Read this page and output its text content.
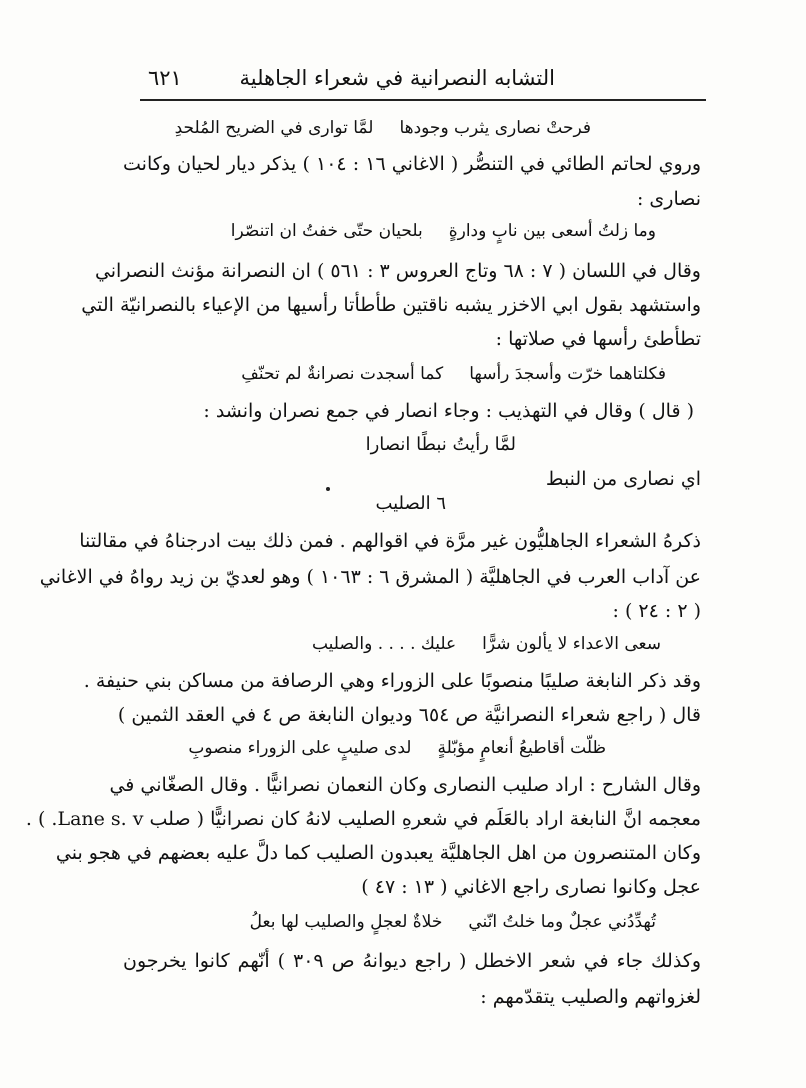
التشابه النصرانية في شعراء الجاهلية
٦٢١
فرحتْ نصارى يثرب وجودهالمَّا توارى في الضريح المُلحدِ
وروي لحاتم الطائي في التنصُّر ( الاغاني ١٦ : ١٠٤ ) يذكر ديار لحيان وكانت
نصارى :
وما زلتُ أسعى بين نابٍ ودارةٍبلحيان حتّى خفتُ ان اتنصّرا
وقال في اللسان ( ٧ : ٦٨ وتاج العروس ٣ : ٥٦١ ) ان النصرانة مؤنث النصراني
واستشهد بقول ابي الاخزر يشبه ناقتين طأطأتا رأسيها من الإعياء بالنصرانيّة التي
تطأطئ رأسها في صلاتها :
فكلتاهما خرّت وأسجدَ رأسهاكما أسجدت نصرانةٌ لم تحنّفِ
( قال ) وقال في التهذيب : وجاء انصار في جمع نصران وانشد :
لمَّا رأيتُ نبطًا انصارا
اي نصارى من النبط
٦ الصليب
ذكرهُ الشعراء الجاهليُّون غير مرَّة في اقوالهم . فمن ذلك بيت ادرجناهُ في مقالتنا
عن آداب العرب في الجاهليَّة ( المشرق ٦ : ١٠٦٣ ) وهو لعديّ بن زيد رواهُ في الاغاني
( ٢ : ٢٤ ) :
سعى الاعداء لا يألون شرًّاعليك . . . . والصليب
وقد ذكر النابغة صليبًا منصوبًا على الزوراء وهي الرصافة من مساكن بني حنيفة .
قال ( راجع شعراء النصرانيَّة ص ٦٥٤ وديوان النابغة ص ٤ في العقد الثمين )
ظلّت أقاطيعُ أنعامٍ مؤبّلةٍلدى صليبٍ على الزوراء منصوبِ
وقال الشارح : اراد صليب النصارى وكان النعمان نصرانيًّا . وقال الصغّاني في
معجمه انَّ النابغة اراد بالعَلَم في شعرهِ الصليب لانهُ كان نصرانيًّا ( صلب Lane s. v. ) .
وكان المتنصرون من اهل الجاهليَّة يعبدون الصليب كما دلَّ عليه بعضهم في هجو بني
عجل وكانوا نصارى راجع الاغاني ( ١٣ : ٤٧ )
تُهدِّدُني عجلٌ وما خلتُ انّنيخلاةٌ لعجلٍ والصليب لها بعلُ
وكذلك جاء في شعر الاخطل ( راجع ديوانهُ ص ٣٠٩ ) أنّهم كانوا يخرجون
لغزواتهم والصليب يتقدّمهم :
